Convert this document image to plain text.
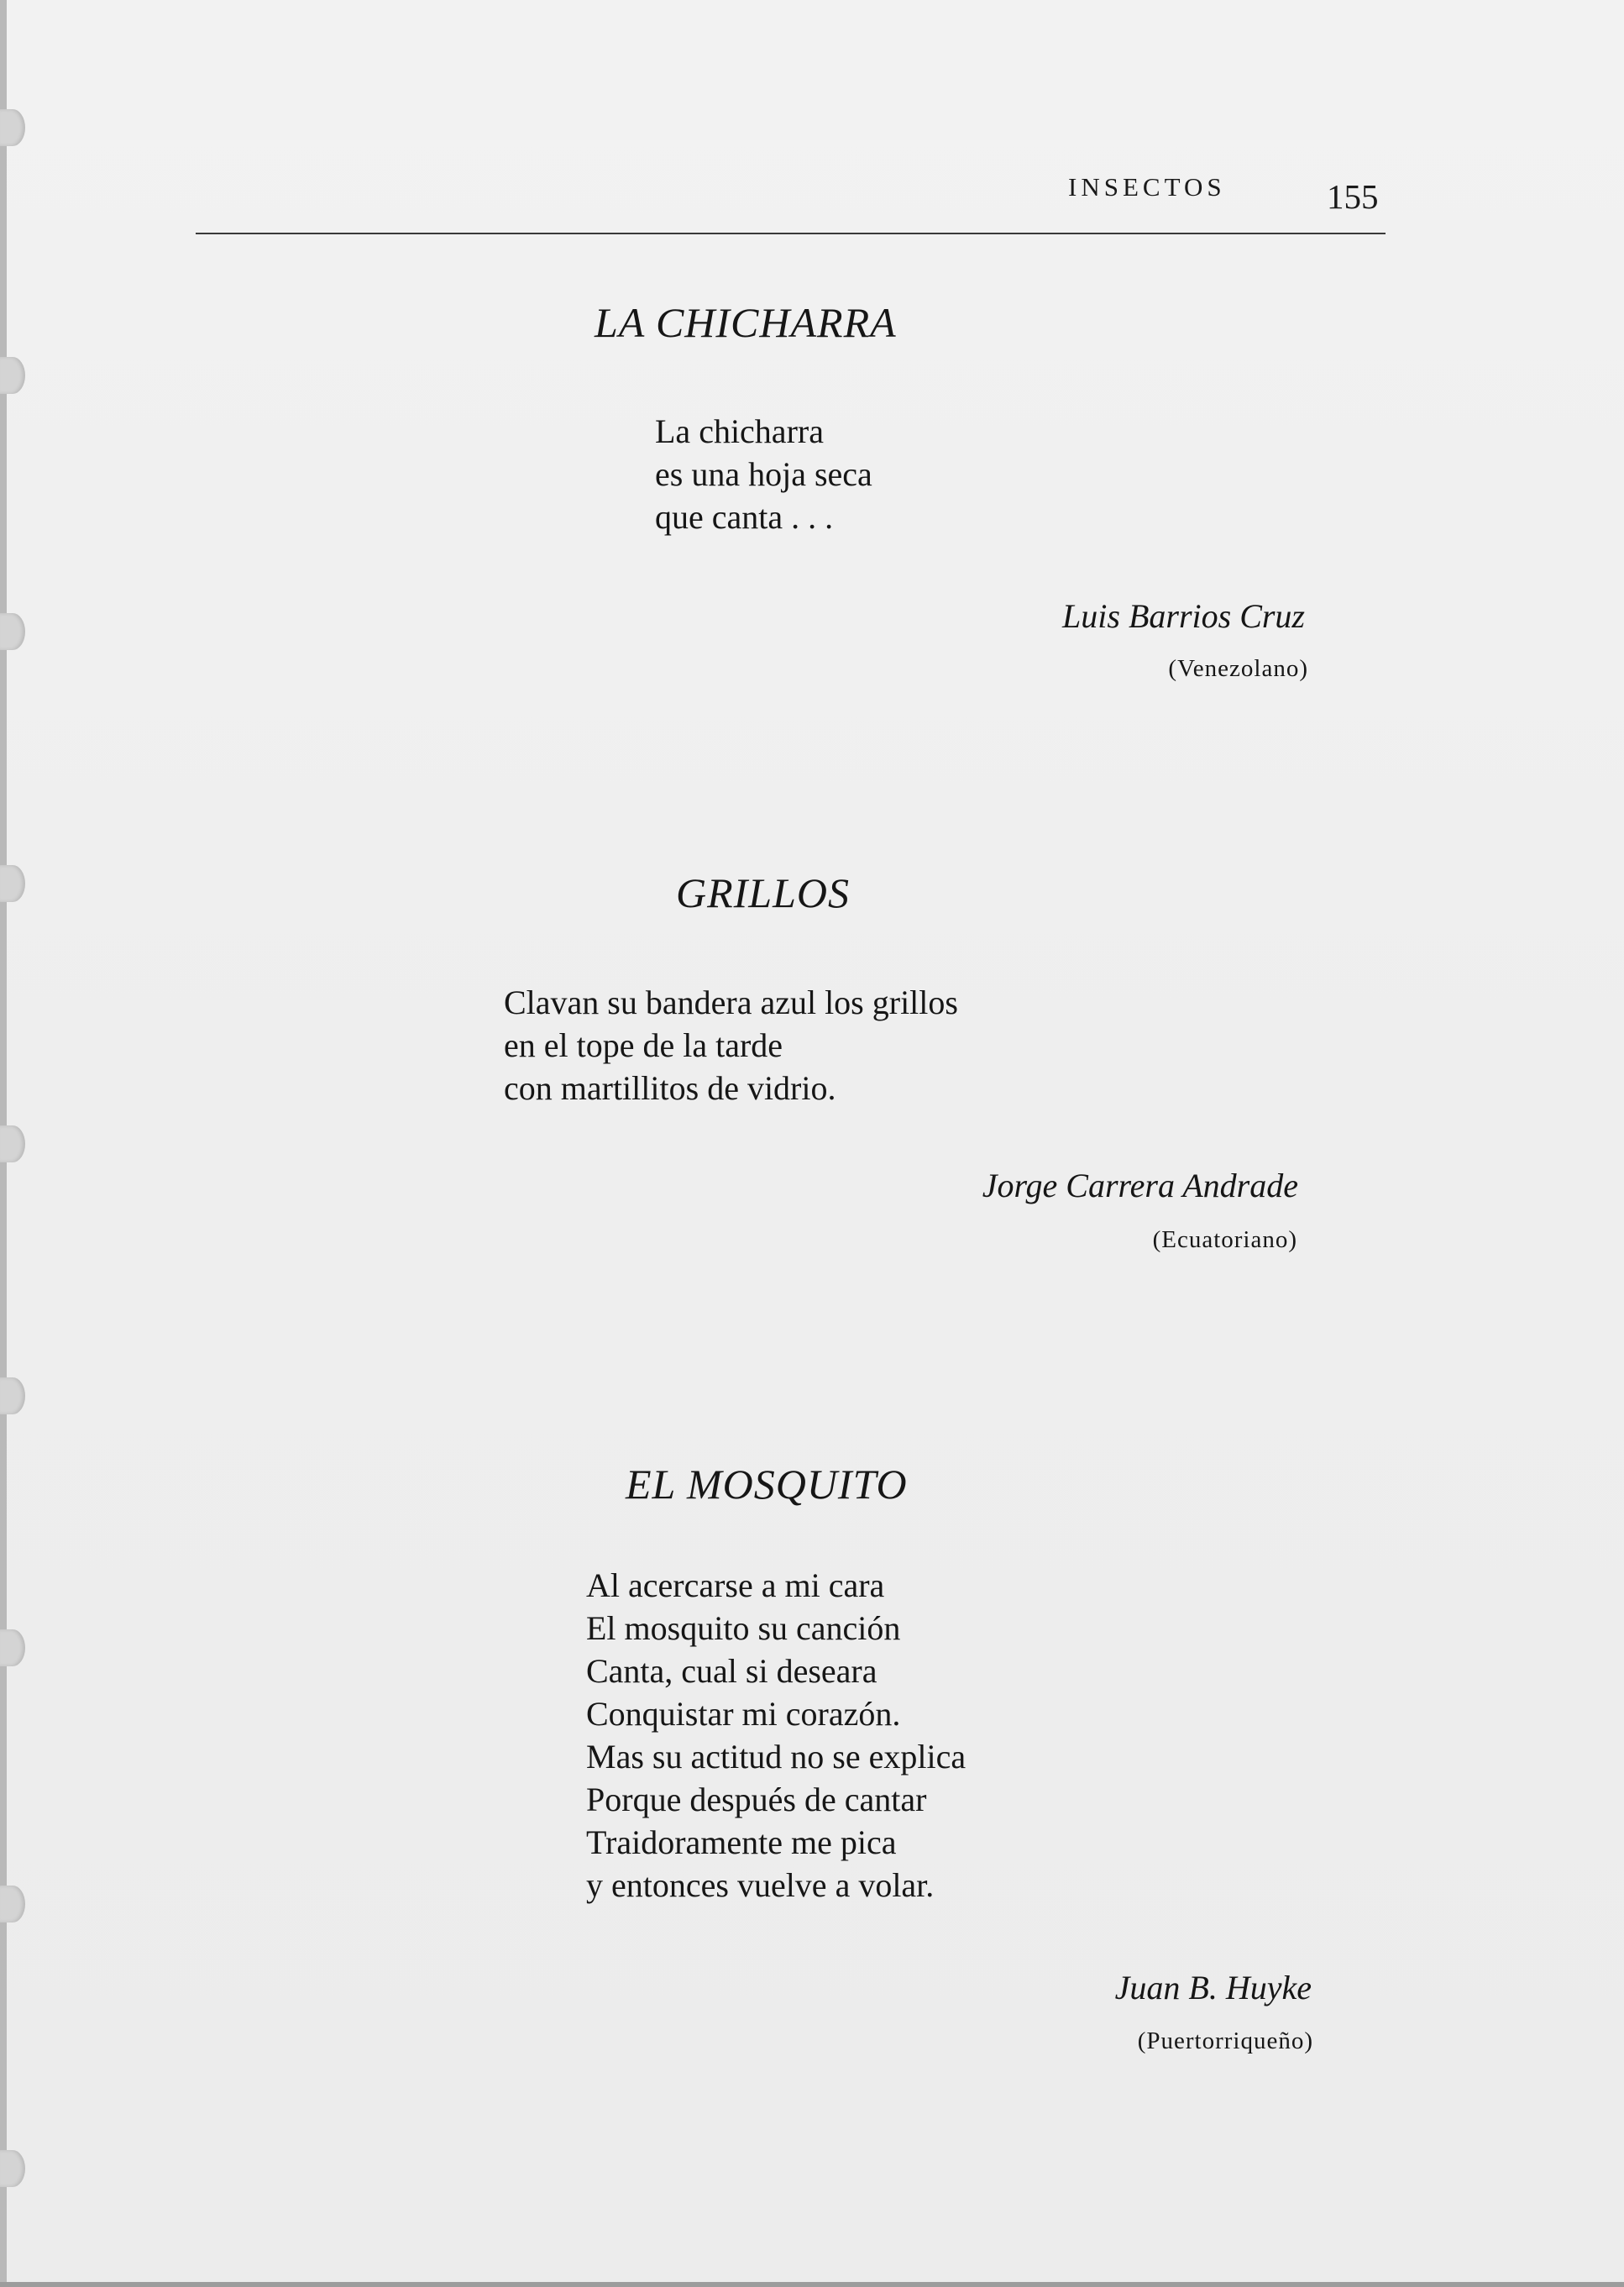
INSECTOS	155
LA CHICHARRA
La chicharra
es una hoja seca
que canta . . .
Luis Barrios Cruz
(Venezolano)
GRILLOS
Clavan su bandera azul los grillos
en el tope de la tarde
con martillitos de vidrio.
Jorge Carrera Andrade
(Ecuatoriano)
EL MOSQUITO
Al acercarse a mi cara
El mosquito su canción
Canta, cual si deseara
Conquistar mi corazón.
Mas su actitud no se explica
Porque después de cantar
Traidoramente me pica
y entonces vuelve a volar.
Juan B. Huyke
(Puertorriqueño)
